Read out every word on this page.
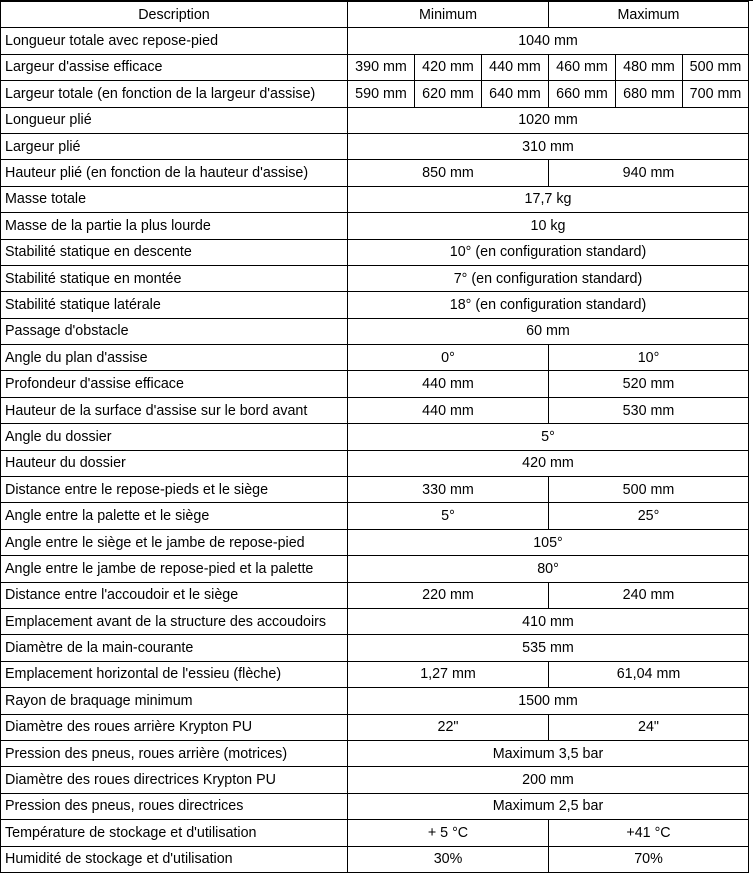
Description	Minimum			Maximum		
Longueur totale avec repose-pied	1040 mm					
Largeur d'assise efficace	390 mm	420 mm	440 mm	460 mm	480 mm	500 mm
Largeur totale (en fonction de la largeur d'assise)	590 mm	620 mm	640 mm	660 mm	680 mm	700 mm
Longueur plié	1020 mm					
Largeur plié	310 mm					
Hauteur plié (en fonction de la hauteur d'assise)	850 mm			940 mm		
Masse totale	17,7 kg					
Masse de la partie la plus lourde	10 kg					
Stabilité statique en descente	10° (en configuration standard)					
Stabilité statique en montée	7° (en configuration standard)					
Stabilité statique latérale	18° (en configuration standard)					
Passage d'obstacle	60 mm					
Angle du plan d'assise	0°			10°		
Profondeur d'assise efficace	440 mm			520 mm		
Hauteur de la surface d'assise sur le bord avant	440 mm			530 mm		
Angle du dossier	5°					
Hauteur du dossier	420 mm					
Distance entre le repose-pieds et le siège	330 mm			500 mm		
Angle entre la palette et le siège	5°			25°		
Angle entre le siège et le jambe de repose-pied	105°					
Angle entre le jambe de repose-pied et la palette	80°					
Distance entre l'accoudoir et le siège	220 mm			240 mm		
Emplacement avant de la structure des accoudoirs	410 mm					
Diamètre de la main-courante	535 mm					
Emplacement horizontal de l'essieu (flèche)	1,27 mm			61,04 mm		
Rayon de braquage minimum	1500 mm					
Diamètre des roues arrière Krypton PU	22"			24"		
Pression des pneus, roues arrière (motrices)	Maximum 3,5 bar					
Diamètre des roues directrices Krypton PU	200 mm					
Pression des pneus, roues directrices	Maximum 2,5 bar					
Température de stockage et d'utilisation	+ 5 °C			+41 °C		
Humidité de stockage et d'utilisation	30%			70%		
